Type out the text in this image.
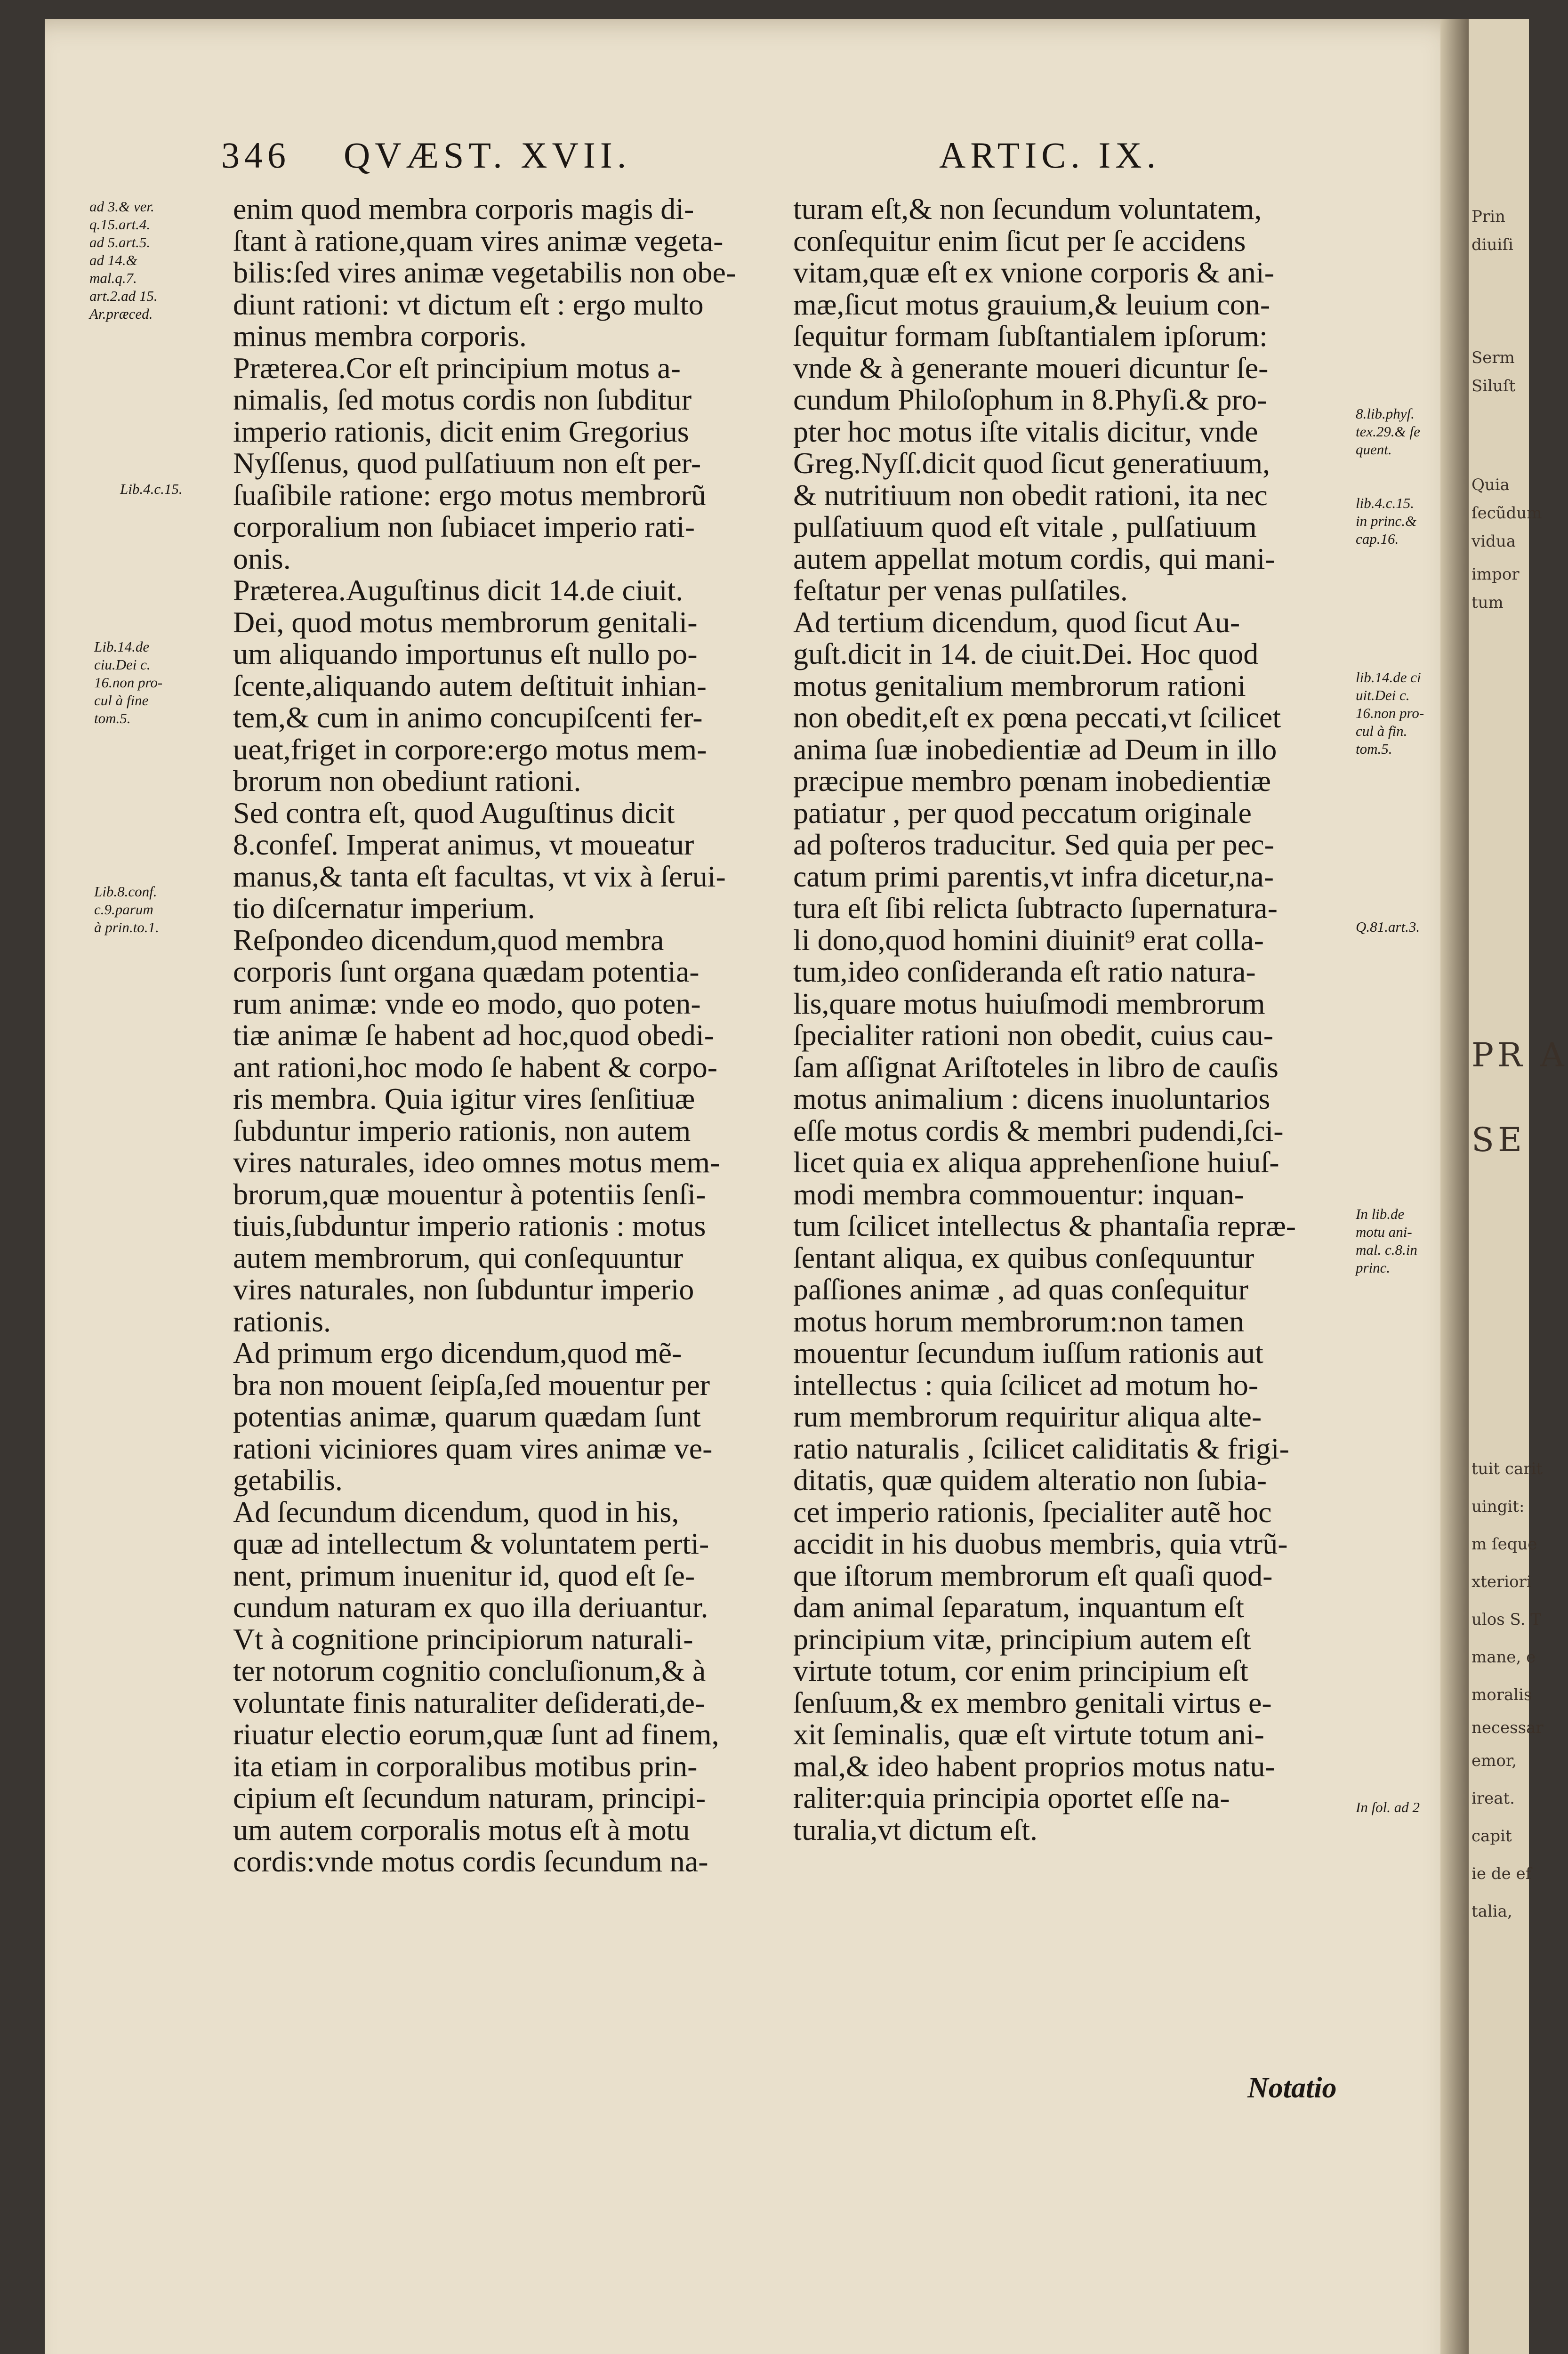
Prin
diuiſi
Serm
Siluſt
Quia
ſecũdum
vidua
impor
tum
PR A
SE
tuit carit
uingit:
m ſeque
xteriori
ulos S. T
mane, e
moralis
necessar
emor,
ireat.
capit
ie de ef
talia,
346 QVÆST. XVII.	ARTIC. IX.
enim quod membra corporis magis di-
ſtant à ratione,quam vires animæ vegeta-
bilis:ſed vires animæ vegetabilis non obe-
diunt rationi: vt dictum eſt : ergo multo
minus membra corporis.
Præterea.Cor eſt principium motus a-
nimalis, ſed motus cordis non ſubditur
imperio rationis, dicit enim Gregorius
Nyſſenus, quod pulſatiuum non eſt per-
ſuaſibile ratione: ergo motus membrorũ
corporalium non ſubiacet imperio rati-
onis.
Præterea.Auguſtinus dicit 14.de ciuit.
Dei, quod motus membrorum genitali-
um aliquando importunus eſt nullo po-
ſcente,aliquando autem deſtituit inhian-
tem,& cum in animo concupiſcenti fer-
ueat,friget in corpore:ergo motus mem-
brorum non obediunt rationi.
Sed contra eſt, quod Auguſtinus dicit
8.confeſ. Imperat animus, vt moueatur
manus,& tanta eſt facultas, vt vix à ſerui-
tio diſcernatur imperium.
Reſpondeo dicendum,quod membra
corporis ſunt organa quædam potentia-
rum animæ: vnde eo modo, quo poten-
tiæ animæ ſe habent ad hoc,quod obedi-
ant rationi,hoc modo ſe habent & corpo-
ris membra. Quia igitur vires ſenſitiuæ
ſubduntur imperio rationis, non autem
vires naturales, ideo omnes motus mem-
brorum,quæ mouentur à potentiis ſenſi-
tiuis,ſubduntur imperio rationis : motus
autem membrorum, qui conſequuntur
vires naturales, non ſubduntur imperio
rationis.
Ad primum ergo dicendum,quod mẽ-
bra non mouent ſeipſa,ſed mouentur per
potentias animæ, quarum quædam ſunt
rationi viciniores quam vires animæ ve-
getabilis.
Ad ſecundum dicendum, quod in his,
quæ ad intellectum & voluntatem perti-
nent, primum inuenitur id, quod eſt ſe-
cundum naturam ex quo illa deriuantur.
Vt à cognitione principiorum naturali-
ter notorum cognitio concluſionum,& à
voluntate finis naturaliter deſiderati,de-
riuatur electio eorum,quæ ſunt ad finem,
ita etiam in corporalibus motibus prin-
cipium eſt ſecundum naturam, principi-
um autem corporalis motus eſt à motu
cordis:vnde motus cordis ſecundum na-
turam eſt,& non ſecundum voluntatem,
conſequitur enim ſicut per ſe accidens
vitam,quæ eſt ex vnione corporis & ani-
mæ,ſicut motus grauium,& leuium con-
ſequitur formam ſubſtantialem ipſorum:
vnde & à generante moueri dicuntur ſe-
cundum Philoſophum in 8.Phyſi.& pro-
pter hoc motus iſte vitalis dicitur, vnde
Greg.Nyſſ.dicit quod ſicut generatiuum,
& nutritiuum non obedit rationi, ita nec
pulſatiuum quod eſt vitale , pulſatiuum
autem appellat motum cordis, qui mani-
feſtatur per venas pulſatiles.
Ad tertium dicendum, quod ſicut Au-
guſt.dicit in 14. de ciuit.Dei. Hoc quod
motus genitalium membrorum rationi
non obedit,eſt ex pœna peccati,vt ſcilicet
anima ſuæ inobedientiæ ad Deum in illo
præcipue membro pœnam inobedientiæ
patiatur , per quod peccatum originale
ad poſteros traducitur. Sed quia per pec-
catum primi parentis,vt infra dicetur,na-
tura eſt ſibi relicta ſubtracto ſupernatura-
li dono,quod homini diuinit⁹ erat colla-
tum,ideo conſideranda eſt ratio natura-
lis,quare motus huiuſmodi membrorum
ſpecialiter rationi non obedit, cuius cau-
ſam aſſignat Ariſtoteles in libro de cauſis
motus animalium : dicens inuoluntarios
eſſe motus cordis & membri pudendi,ſci-
licet quia ex aliqua apprehenſione huiuſ-
modi membra commouentur: inquan-
tum ſcilicet intellectus & phantaſia repræ-
ſentant aliqua, ex quibus conſequuntur
paſſiones animæ , ad quas conſequitur
motus horum membrorum:non tamen
mouentur ſecundum iuſſum rationis aut
intellectus : quia ſcilicet ad motum ho-
rum membrorum requiritur aliqua alte-
ratio naturalis , ſcilicet caliditatis & frigi-
ditatis, quæ quidem alteratio non ſubia-
cet imperio rationis, ſpecialiter autẽ hoc
accidit in his duobus membris, quia vtrũ-
que iſtorum membrorum eſt quaſi quod-
dam animal ſeparatum, inquantum eſt
principium vitæ, principium autem eſt
virtute totum, cor enim principium eſt
ſenſuum,& ex membro genitali virtus e-
xit ſeminalis, quæ eſt virtute totum ani-
mal,& ideo habent proprios motus natu-
raliter:quia principia oportet eſſe na-
turalia,vt dictum eſt.
ad 3.& ver.
q.15.art.4.
ad 5.art.5.
ad 14.&
mal.q.7.
art.2.ad 15.
Ar.præced.
Lib.4.c.15.
Lib.14.de
ciu.Dei c.
16.non pro-
cul à fine
tom.5.
Lib.8.conf.
c.9.parum
à prin.to.1.
8.lib.phyſ.
tex.29.& ſe
quent.
lib.4.c.15.
in princ.&
cap.16.
lib.14.de ci
uit.Dei c.
16.non pro-
cul à fin.
tom.5.
Q.81.art.3.
In lib.de
motu ani-
mal. c.8.in
princ.
In ſol. ad 2
Notatio
